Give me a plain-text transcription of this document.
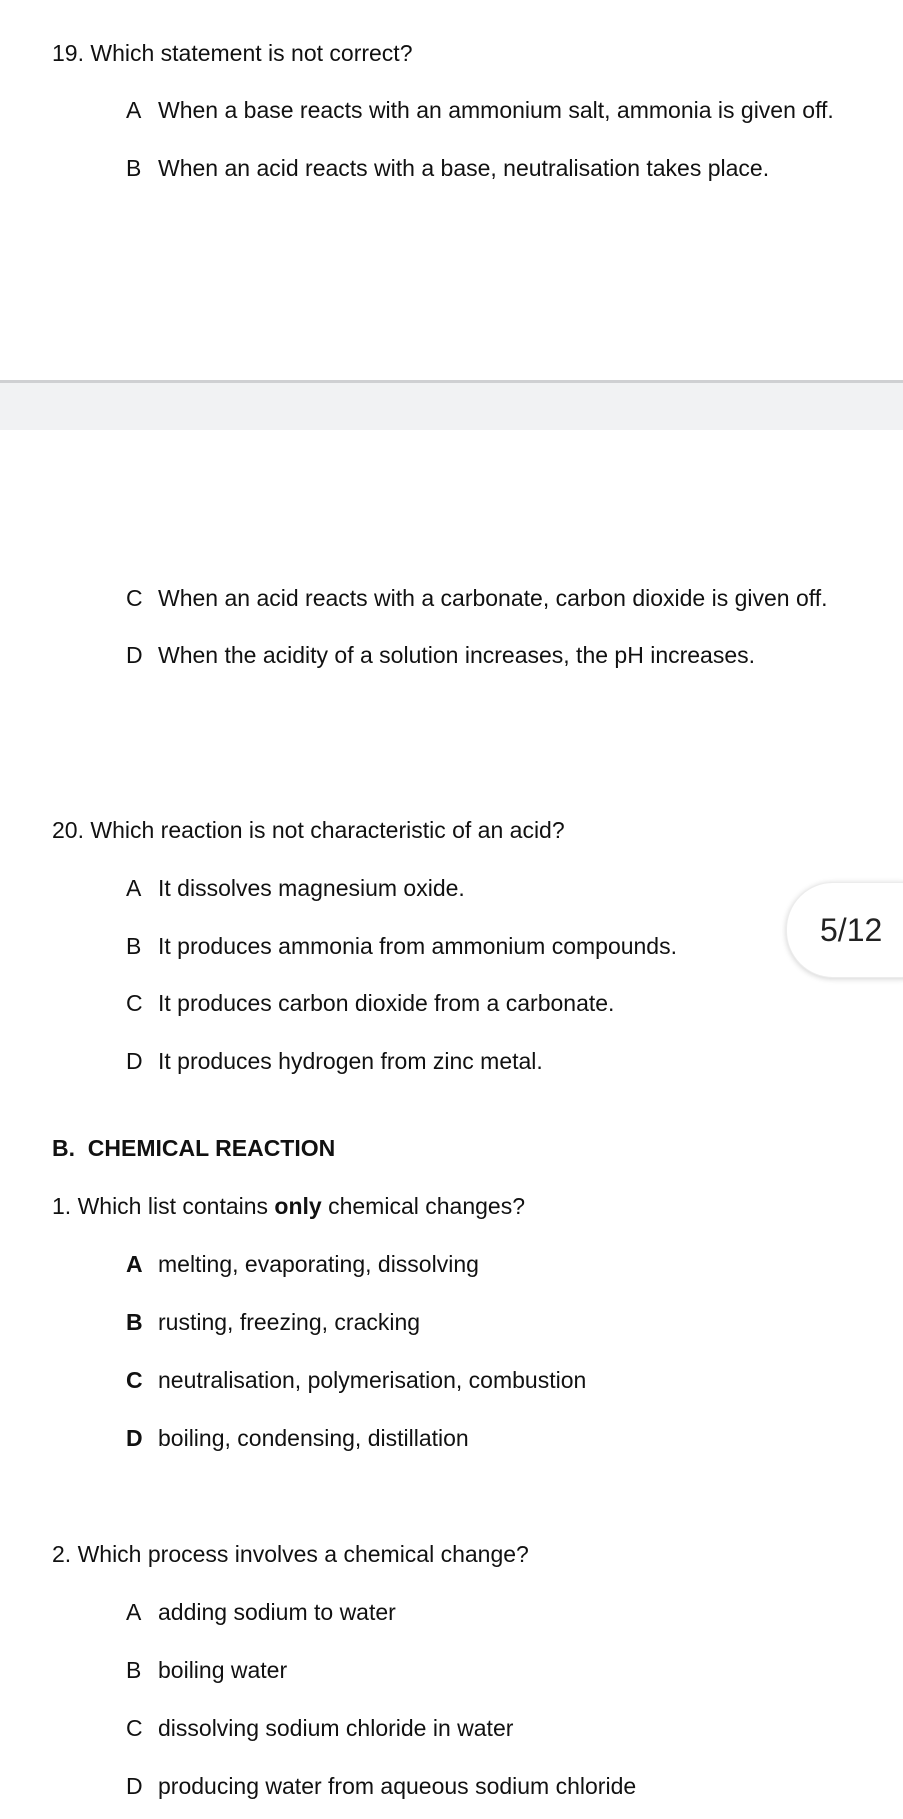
19. Which statement is not correct?
A When a base reacts with an ammonium salt, ammonia is given off.
B When an acid reacts with a base, neutralisation takes place.
C When an acid reacts with a carbonate, carbon dioxide is given off.
D When the acidity of a solution increases, the pH increases.
20. Which reaction is not characteristic of an acid?
A It dissolves magnesium oxide.
B It produces ammonia from ammonium compounds.
C It produces carbon dioxide from a carbonate.
D It produces hydrogen from zinc metal.
5/12
B.  CHEMICAL REACTION
1. Which list contains only chemical changes?
A melting, evaporating, dissolving
B rusting, freezing, cracking
C neutralisation, polymerisation, combustion
D boiling, condensing, distillation
2. Which process involves a chemical change?
A adding sodium to water
B boiling water
C dissolving sodium chloride in water
D producing water from aqueous sodium chloride
